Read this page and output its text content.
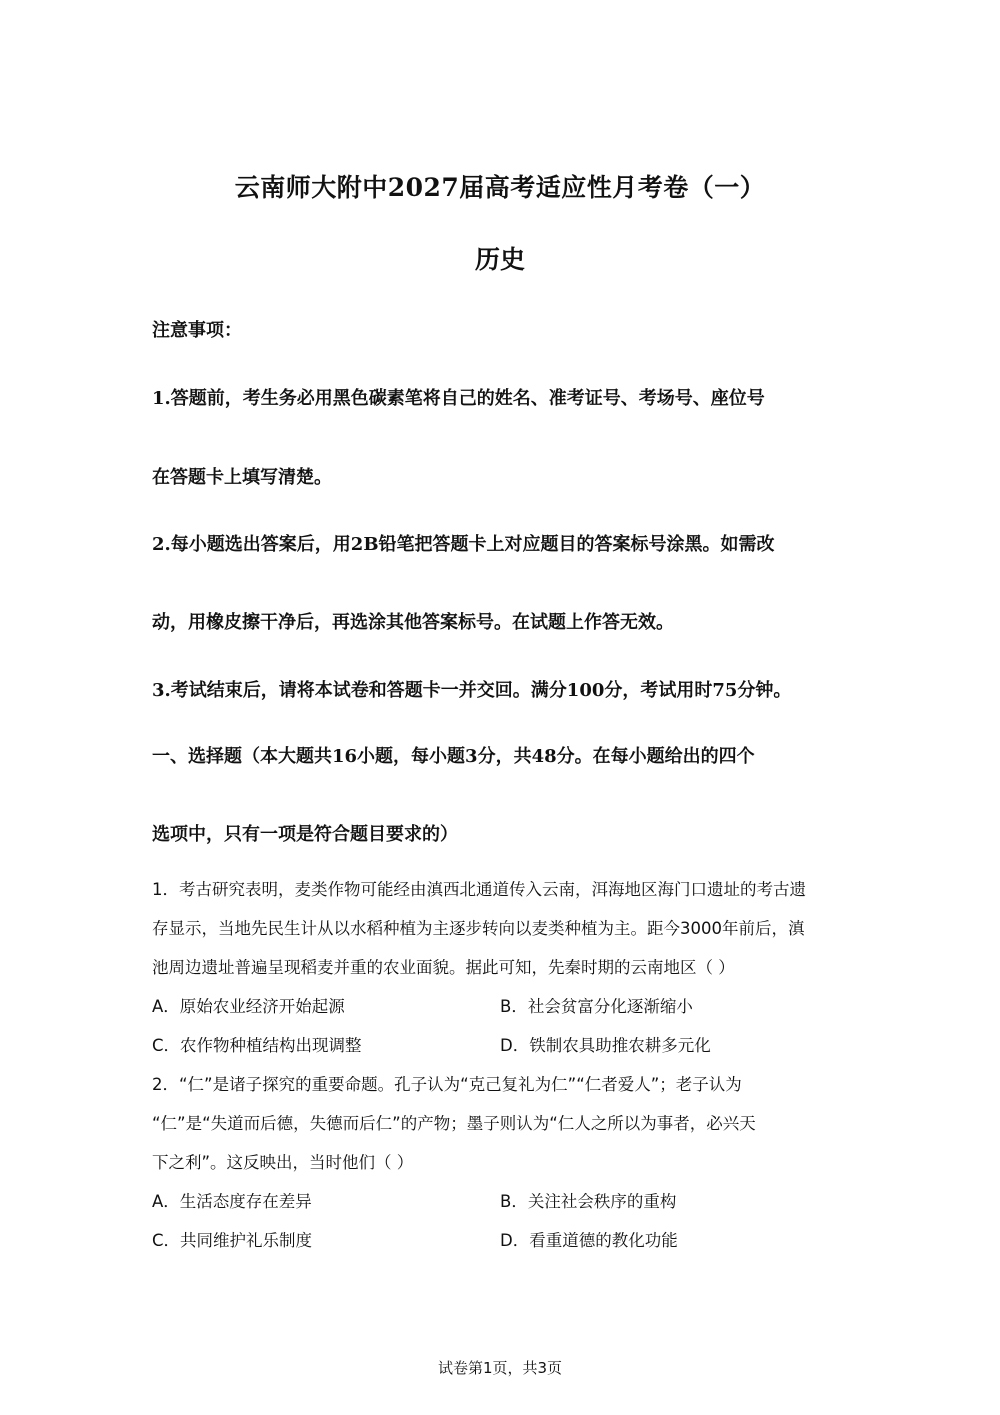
云南师大附中2027届高考适应性月考卷（一）
历史
注意事项：
1.答题前，考生务必用黑色碳素笔将自己的姓名、准考证号、考场号、座位号
在答题卡上填写清楚。
2.每小题选出答案后，用2B铅笔把答题卡上对应题目的答案标号涂黑。如需改
动，用橡皮擦干净后，再选涂其他答案标号。在试题上作答无效。
3.考试结束后，请将本试卷和答题卡一并交回。满分100分，考试用时75分钟。
一、选择题（本大题共16小题，每小题3分，共48分。在每小题给出的四个
选项中，只有一项是符合题目要求的）
1．考古研究表明，麦类作物可能经由滇西北通道传入云南，洱海地区海门口遗址的考古遗
存显示，当地先民生计从以水稻种植为主逐步转向以麦类种植为主。距今3000年前后，滇
池周边遗址普遍呈现稻麦并重的农业面貌。据此可知，先秦时期的云南地区（ ）
A．原始农业经济开始起源	B．社会贫富分化逐渐缩小
C．农作物种植结构出现调整	D．铁制农具助推农耕多元化
2．“仁”是诸子探究的重要命题。孔子认为“克己复礼为仁”“仁者爱人”；老子认为
“仁”是“失道而后德，失德而后仁”的产物；墨子则认为“仁人之所以为事者，必兴天
下之利”。这反映出，当时他们（ ）
A．生活态度存在差异	B．关注社会秩序的重构
C．共同维护礼乐制度	D．看重道德的教化功能
试卷第1页，共3页
